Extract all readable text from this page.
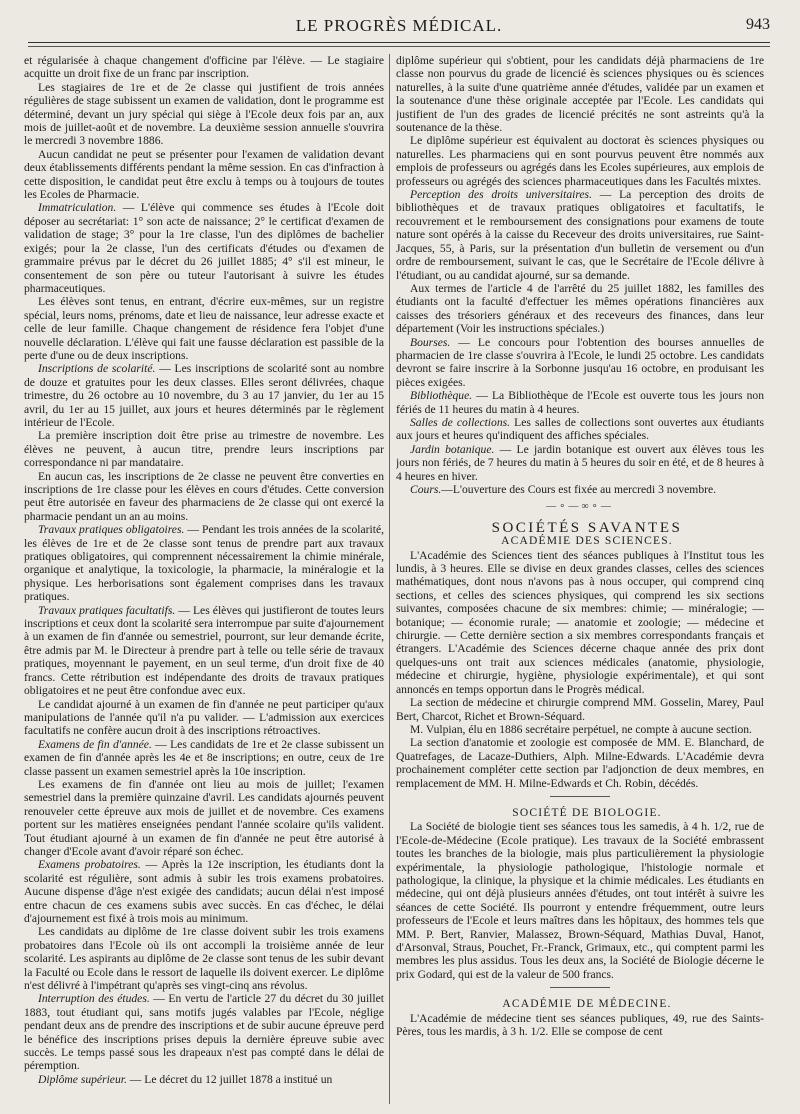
LE PROGRÈS MÉDICAL.	943

et régularisée à chaque changement d'officine par l'élève. — Le stagiaire acquitte un droit fixe de un franc par inscription.

Les stagiaires de 1re et de 2e classe qui justifient de trois années régulières de stage subissent un examen de validation, dont le programme est déterminé, devant un jury spécial qui siège à l'Ecole deux fois par an, aux mois de juillet-août et de novembre. La deuxième session annuelle s'ouvrira le mercredi 3 novembre 1886.

Aucun candidat ne peut se présenter pour l'examen de validation devant deux établissements différents pendant la même session. En cas d'infraction à cette disposition, le candidat peut être exclu à temps ou à toujours de toutes les Ecoles de Pharmacie.

Immatriculation. — L'élève qui commence ses études à l'Ecole doit déposer au secrétariat: 1° son acte de naissance; 2° le certificat d'examen de validation de stage; 3° pour la 1re classe, l'un des diplômes de bachelier exigés; pour la 2e classe, l'un des certificats d'études ou d'examen de grammaire prévus par le décret du 26 juillet 1885; 4° s'il est mineur, le consentement de son père ou tuteur l'autorisant à suivre les études pharmaceutiques.

Les élèves sont tenus, en entrant, d'écrire eux-mêmes, sur un registre spécial, leurs noms, prénoms, date et lieu de naissance, leur adresse exacte et celle de leur famille. Chaque changement de résidence fera l'objet d'une nouvelle déclaration. L'élève qui fait une fausse déclaration est passible de la perte d'une ou de deux inscriptions.

Inscriptions de scolarité. — Les inscriptions de scolarité sont au nombre de douze et gratuites pour les deux classes. Elles seront délivrées, chaque trimestre, du 26 octobre au 10 novembre, du 3 au 17 janvier, du 1er au 15 avril, du 1er au 15 juillet, aux jours et heures déterminés par le règlement intérieur de l'Ecole.

La première inscription doit être prise au trimestre de novembre. Les élèves ne peuvent, à aucun titre, prendre leurs inscriptions par correspondance ni par mandataire.

En aucun cas, les inscriptions de 2e classe ne peuvent être converties en inscriptions de 1re classe pour les élèves en cours d'études. Cette conversion peut être autorisée en faveur des pharmaciens de 2e classe qui ont exercé la pharmacie pendant un an au moins.

Travaux pratiques obligatoires. — Pendant les trois années de la scolarité, les élèves de 1re et de 2e classe sont tenus de prendre part aux travaux pratiques obligatoires, qui comprennent nécessairement la chimie minérale, organique et analytique, la toxicologie, la pharmacie, la minéralogie et la physique. Les herborisations sont également comprises dans les travaux pratiques.

Travaux pratiques facultatifs. — Les élèves qui justifieront de toutes leurs inscriptions et ceux dont la scolarité sera interrompue par suite d'ajournement à un examen de fin d'année ou semestriel, pourront, sur leur demande écrite, être admis par M. le Directeur à prendre part à telle ou telle série de travaux pratiques, moyennant le payement, en un seul terme, d'un droit fixe de 40 francs. Cette rétribution est indépendante des droits de travaux pratiques obligatoires et ne peut être confondue avec eux.

Le candidat ajourné à un examen de fin d'année ne peut participer qu'aux manipulations de l'année qu'il n'a pu valider. — L'admission aux exercices facultatifs ne confère aucun droit à des inscriptions rétroactives.

Examens de fin d'année. — Les candidats de 1re et 2e classe subissent un examen de fin d'année après les 4e et 8e inscriptions; en outre, ceux de 1re classe passent un examen semestriel après la 10e inscription.

Les examens de fin d'année ont lieu au mois de juillet; l'examen semestriel dans la première quinzaine d'avril. Les candidats ajournés peuvent renouveler cette épreuve aux mois de juillet et de novembre. Ces examens portent sur les matières enseignées pendant l'année scolaire qu'ils valident. Tout étudiant ajourné à un examen de fin d'année ne peut être autorisé à changer d'Ecole avant d'avoir réparé son échec.

Examens probatoires. — Après la 12e inscription, les étudiants dont la scolarité est régulière, sont admis à subir les trois examens probatoires. Aucune dispense d'âge n'est exigée des candidats; aucun délai n'est imposé entre chacun de ces examens subis avec succès. En cas d'échec, le délai d'ajournement est fixé à trois mois au minimum.

Les candidats au diplôme de 1re classe doivent subir les trois examens probatoires dans l'Ecole où ils ont accompli la troisième année de leur scolarité. Les aspirants au diplôme de 2e classe sont tenus de les subir devant la Faculté ou Ecole dans le ressort de laquelle ils doivent exercer. Le diplôme n'est délivré à l'impétrant qu'après ses vingt-cinq ans révolus.

Interruption des études. — En vertu de l'article 27 du décret du 30 juillet 1883, tout étudiant qui, sans motifs jugés valables par l'Ecole, néglige pendant deux ans de prendre des inscriptions et de subir aucune épreuve perd le bénéfice des inscriptions prises depuis la dernière épreuve subie avec succès. Le temps passé sous les drapeaux n'est pas compté dans le délai de péremption.

Diplôme supérieur. — Le décret du 12 juillet 1878 a institué un

diplôme supérieur qui s'obtient, pour les candidats déjà pharmaciens de 1re classe non pourvus du grade de licencié ès sciences physiques ou ès sciences naturelles, à la suite d'une quatrième année d'études, validée par un examen et la soutenance d'une thèse originale acceptée par l'Ecole. Les candidats qui justifient de l'un des grades de licencié précités ne sont astreints qu'à la soutenance de la thèse.

Le diplôme supérieur est équivalent au doctorat ès sciences physiques ou naturelles. Les pharmaciens qui en sont pourvus peuvent être nommés aux emplois de professeurs ou agrégés dans les Ecoles supérieures, aux emplois de professeurs ou agrégés des sciences pharmaceutiques dans les Facultés mixtes.

Perception des droits universitaires. — La perception des droits de bibliothèques et de travaux pratiques obligatoires et facultatifs, le recouvrement et le remboursement des consignations pour examens de toute nature sont opérés à la caisse du Receveur des droits universitaires, rue Saint-Jacques, 55, à Paris, sur la présentation d'un bulletin de versement ou d'un ordre de remboursement, suivant le cas, que le Secrétaire de l'Ecole délivre à l'étudiant, ou au candidat ajourné, sur sa demande.

Aux termes de l'article 4 de l'arrêté du 25 juillet 1882, les familles des étudiants ont la faculté d'effectuer les mêmes opérations financières aux caisses des trésoriers généraux et des receveurs des finances, dans leur département (Voir les instructions spéciales.)

Bourses. — Le concours pour l'obtention des bourses annuelles de pharmacien de 1re classe s'ouvrira à l'Ecole, le lundi 25 octobre. Les candidats devront se faire inscrire à la Sorbonne jusqu'au 16 octobre, en produisant les pièces exigées.

Bibliothèque. — La Bibliothèque de l'Ecole est ouverte tous les jours non fériés de 11 heures du matin à 4 heures.

Salles de collections. Les salles de collections sont ouvertes aux étudiants aux jours et heures qu'indiquent des affiches spéciales.

Jardin botanique. — Le jardin botanique est ouvert aux élèves tous les jours non fériés, de 7 heures du matin à 5 heures du soir en été, et de 8 heures à 4 heures en hiver.

Cours.—L'ouverture des Cours est fixée au mercredi 3 novembre.

—∘—∞∘—

SOCIÉTÉS SAVANTES

ACADÉMIE DES SCIENCES.

L'Académie des Sciences tient des séances publiques à l'Institut tous les lundis, à 3 heures. Elle se divise en deux grandes classes, celles des sciences mathématiques, dont nous n'avons pas à nous occuper, qui comprend cinq sections, et celles des sciences physiques, qui comprend les six sections suivantes, composées chacune de six membres: chimie; — minéralogie; — botanique; — économie rurale; — anatomie et zoologie; — médecine et chirurgie. — Cette dernière section a six membres correspondants français et étrangers. L'Académie des Sciences décerne chaque année des prix dont quelques-uns ont trait aux sciences médicales (anatomie, physiologie, médecine et chirurgie, hygiène, physiologie expérimentale), et qui sont annoncés en temps opportun dans le Progrès médical.

La section de médecine et chirurgie comprend MM. Gosselin, Marey, Paul Bert, Charcot, Richet et Brown-Séquard.

M. Vulpian, élu en 1886 secrétaire perpétuel, ne compte à aucune section.

La section d'anatomie et zoologie est composée de MM. E. Blanchard, de Quatrefages, de Lacaze-Duthiers, Alph. Milne-Edwards. L'Académie devra prochainement compléter cette section par l'adjonction de deux membres, en remplacement de MM. H. Milne-Edwards et Ch. Robin, décédés.

SOCIÉTÉ DE BIOLOGIE.

La Société de biologie tient ses séances tous les samedis, à 4 h. 1/2, rue de l'Ecole-de-Médecine (Ecole pratique). Les travaux de la Société embrassent toutes les branches de la biologie, mais plus particulièrement la physiologie expérimentale, la physiologie pathologique, l'histologie normale et pathologique, la clinique, la physique et la chimie médicales. Les étudiants en médecine, qui ont déjà plusieurs années d'études, ont tout intérêt à suivre les séances de cette Société. Ils pourront y entendre fréquemment, outre leurs professeurs de l'Ecole et leurs maîtres dans les hôpitaux, des hommes tels que MM. P. Bert, Ranvier, Malassez, Brown-Séquard, Mathias Duval, Hanot, d'Arsonval, Straus, Pouchet, Fr.-Franck, Grimaux, etc., qui comptent parmi les membres les plus assidus. Tous les deux ans, la Société de Biologie décerne le prix Godard, qui est de la valeur de 500 francs.

ACADÉMIE DE MÉDECINE.

L'Académie de médecine tient ses séances publiques, 49, rue des Saints-Pères, tous les mardis, à 3 h. 1/2. Elle se compose de cent
